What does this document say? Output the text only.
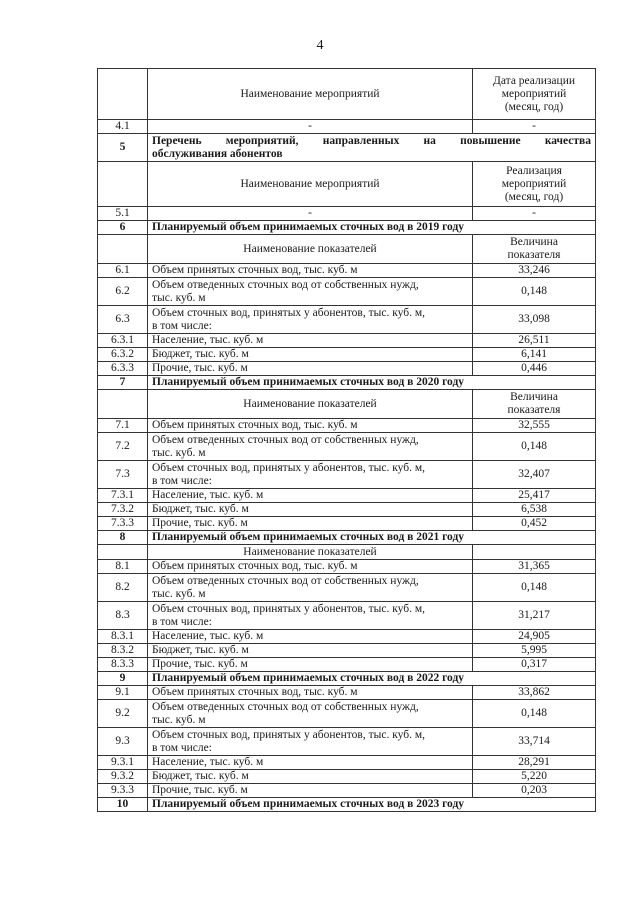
4
	Наименование мероприятий	Дата реализации
мероприятий
(месяц, год)

4.1	-	-

5	Перечень мероприятий, направленных на повышение качества
обслуживания абонентов	

	Наименование мероприятий	Реализация
мероприятий
(месяц, год)

5.1	-	-

6	Планируемый объем принимаемых сточных вод в 2019 году	
	Наименование показателей	Величина
показателя

6.1	Объем принятых сточных вод, тыс. куб. м	33,246

6.2	Объем отведенных сточных вод от собственных нужд,
тыс. куб. м	0,148

6.3	Объем сточных вод, принятых у абонентов, тыс. куб. м,
в том числе:	33,098

6.3.1	Население, тыс. куб. м	26,511

6.3.2	Бюджет, тыс. куб. м	6,141

6.3.3	Прочие, тыс. куб. м	0,446

7	Планируемый объем принимаемых сточных вод в 2020 году	
	Наименование показателей	Величина
показателя

7.1	Объем принятых сточных вод, тыс. куб. м	32,555

7.2	Объем отведенных сточных вод от собственных нужд,
тыс. куб. м	0,148

7.3	Объем сточных вод, принятых у абонентов, тыс. куб. м,
в том числе:	32,407

7.3.1	Население, тыс. куб. м	25,417

7.3.2	Бюджет, тыс. куб. м	6,538

7.3.3	Прочие, тыс. куб. м	0,452

8	Планируемый объем принимаемых сточных вод в 2021 году	
	Наименование показателей	

8.1	Объем принятых сточных вод, тыс. куб. м	31,365

8.2	Объем отведенных сточных вод от собственных нужд,
тыс. куб. м	0,148

8.3	Объем сточных вод, принятых у абонентов, тыс. куб. м,
в том числе:	31,217

8.3.1	Население, тыс. куб. м	24,905

8.3.2	Бюджет, тыс. куб. м	5,995

8.3.3	Прочие, тыс. куб. м	0,317

9	Планируемый объем принимаемых сточных вод в 2022 году	
9.1	Объем принятых сточных вод, тыс. куб. м	33,862

9.2	Объем отведенных сточных вод от собственных нужд,
тыс. куб. м	0,148

9.3	Объем сточных вод, принятых у абонентов, тыс. куб. м,
в том числе:	33,714

9.3.1	Население, тыс. куб. м	28,291

9.3.2	Бюджет, тыс. куб. м	5,220

9.3.3	Прочие, тыс. куб. м	0,203

10	Планируемый объем принимаемых сточных вод в 2023 году	
